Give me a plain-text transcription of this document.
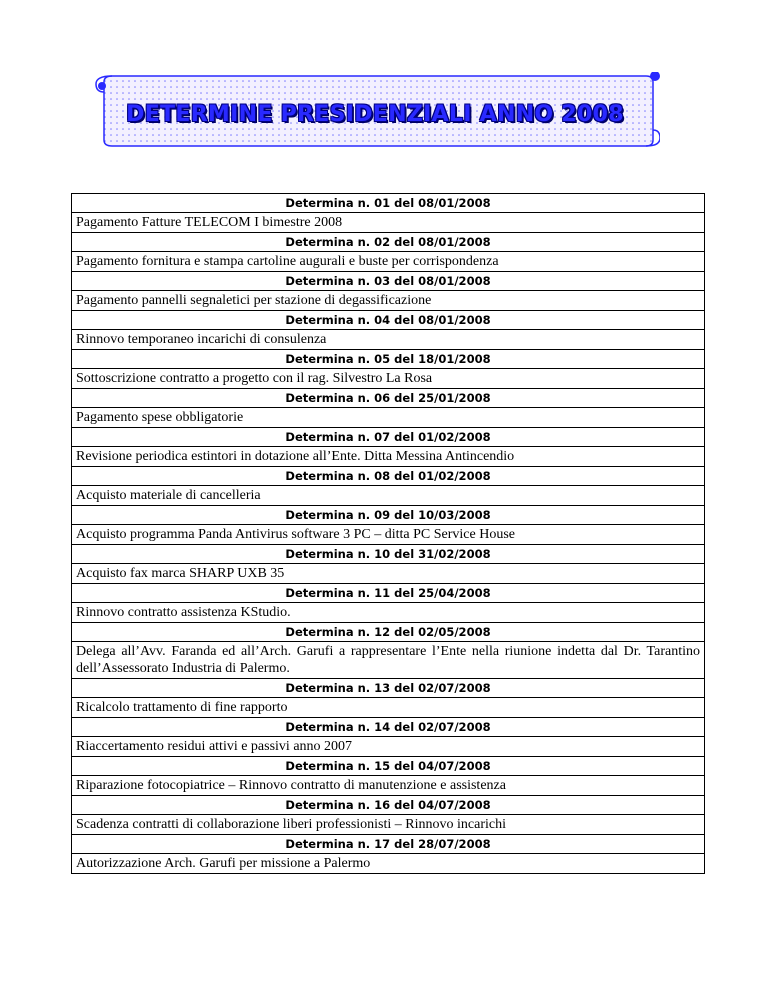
DETERMINE PRESIDENZIALI ANNO 2008
Determina n. 01 del 08/01/2008
Pagamento Fatture TELECOM I bimestre 2008
Determina n. 02 del 08/01/2008
Pagamento fornitura e stampa cartoline augurali e buste per corrispondenza
Determina n. 03 del 08/01/2008
Pagamento pannelli segnaletici per stazione di degassificazione
Determina n. 04 del 08/01/2008
Rinnovo temporaneo incarichi di consulenza
Determina n. 05 del 18/01/2008
Sottoscrizione contratto a progetto con il rag. Silvestro La Rosa
Determina n. 06 del 25/01/2008
Pagamento spese obbligatorie
Determina n. 07 del 01/02/2008
Revisione periodica estintori in dotazione all’Ente. Ditta Messina Antincendio
Determina n. 08 del 01/02/2008
Acquisto materiale di cancelleria
Determina n. 09 del 10/03/2008
Acquisto programma Panda Antivirus software 3 PC – ditta PC Service House
Determina n. 10 del 31/02/2008
Acquisto fax marca SHARP UXB 35
Determina n. 11 del 25/04/2008
Rinnovo contratto assistenza KStudio.
Determina n. 12 del 02/05/2008
Delega all’Avv. Faranda ed all’Arch. Garufi a rappresentare l’Ente nella riunione indetta dal Dr. Tarantino dell’Assessorato Industria di Palermo.
Determina n. 13 del 02/07/2008
Ricalcolo trattamento di fine rapporto
Determina n. 14 del 02/07/2008
Riaccertamento residui attivi e passivi anno 2007
Determina n. 15 del 04/07/2008
Riparazione fotocopiatrice – Rinnovo contratto di manutenzione e assistenza
Determina n. 16 del 04/07/2008
Scadenza contratti di collaborazione liberi professionisti – Rinnovo incarichi
Determina n. 17 del 28/07/2008
Autorizzazione Arch. Garufi per missione a Palermo
